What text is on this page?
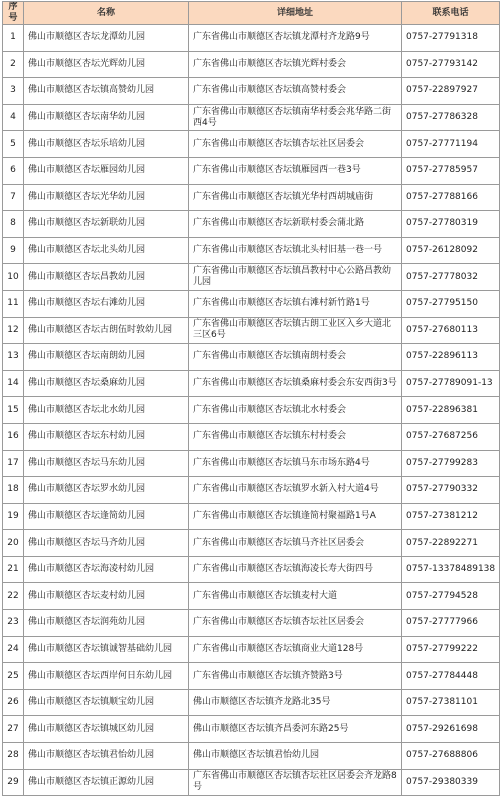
序号	名称	详细地址	联系电话
1	佛山市顺德区杏坛龙潭幼儿园	广东省佛山市顺德区杏坛镇龙潭村齐龙路9号	0757-27791318
2	佛山市顺德区杏坛光辉幼儿园	广东省佛山市顺德区杏坛镇光辉村委会	0757-27793142
3	佛山市顺德区杏坛镇高赞幼儿园	广东省佛山市顺德区杏坛镇高赞村委会	0757-22897927
4	佛山市顺德区杏坛南华幼儿园	广东省佛山市顺德区杏坛镇南华村委会兆华路二街西4号	0757-27786328
5	佛山市顺德区杏坛乐培幼儿园	广东省佛山市顺德区杏坛镇杏坛社区居委会	0757-27771194
6	佛山市顺德区杏坛雁园幼儿园	广东省佛山市顺德区杏坛镇雁园西一巷3号	0757-27785957
7	佛山市顺德区杏坛光华幼儿园	广东省佛山市顺德区杏坛镇光华村西胡城庙街	0757-27788166
8	佛山市顺德区杏坛新联幼儿园	广东省佛山市顺德区杏坛新联村委会蒲北路	0757-27780319
9	佛山市顺德区杏坛北头幼儿园	广东省佛山市顺德区杏坛镇北头村旧基一巷一号	0757-26128092
10	佛山市顺德区杏坛昌教幼儿园	广东省佛山市顺德区杏坛镇昌教村中心公路昌教幼儿园	0757-27778032
11	佛山市顺德区杏坛右滩幼儿园	广东省佛山市顺德区杏坛镇右滩村新竹路1号	0757-27795150
12	佛山市顺德区杏坛古朗伍时敦幼儿园	广东省佛山市顺德区杏坛镇古朗工业区入乡大道北三区6号	0757-27680113
13	佛山市顺德区杏坛南朗幼儿园	广东省佛山市顺德区杏坛镇南朗村委会	0757-22896113
14	佛山市顺德区杏坛桑麻幼儿园	广东省佛山市顺德区杏坛镇桑麻村委会东安西街3号	0757-27789091-13
15	佛山市顺德区杏坛北水幼儿园	广东省佛山市顺德区杏坛镇北水村委会	0757-22896381
16	佛山市顺德区杏坛东村幼儿园	广东省佛山市顺德区杏坛镇东村村委会	0757-27687256
17	佛山市顺德区杏坛马东幼儿园	广东省佛山市顺德区杏坛镇马东市场东路4号	0757-27799283
18	佛山市顺德区杏坛罗水幼儿园	广东省佛山市顺德区杏坛镇罗水新入村大道4号	0757-27790332
19	佛山市顺德区杏坛逢简幼儿园	广东省佛山市顺德区杏坛镇逢简村聚福路1号A	0757-27381212
20	佛山市顺德区杏坛马齐幼儿园	广东省佛山市顺德区杏坛镇马齐社区居委会	0757-22892271
21	佛山市顺德区杏坛海凌村幼儿园	广东省佛山市顺德区杏坛镇海凌长寿大街四号	0757-13378489138
22	佛山市顺德区杏坛麦村幼儿园	广东省佛山市顺德区杏坛镇麦村大道	0757-27794528
23	佛山市顺德区杏坛润苑幼儿园	广东省佛山市顺德区杏坛镇杏坛社区居委会	0757-27777966
24	佛山市顺德区杏坛镇诚智基础幼儿园	广东省佛山市顺德区杏坛镇商业大道128号	0757-27799222
25	佛山市顺德区杏坛西岸何日东幼儿园	广东省佛山市顺德区杏坛镇齐赞路3号	0757-27784448
26	佛山市顺德区杏坛镇顺宝幼儿园	佛山市顺德区杏坛镇齐龙路北35号	0757-27381101
27	佛山市顺德区杏坛镇城区幼儿园	佛山市顺德区杏坛镇齐昌委河东路25号	0757-29261698
28	佛山市顺德区杏坛镇君怡幼儿园	佛山市顺德区杏坛镇君怡幼儿园	0757-27688806
29	佛山市顺德区杏坛镇正源幼儿园	广东省佛山市顺德区杏坛镇杏坛社区居委会齐龙路8号	0757-29380339
